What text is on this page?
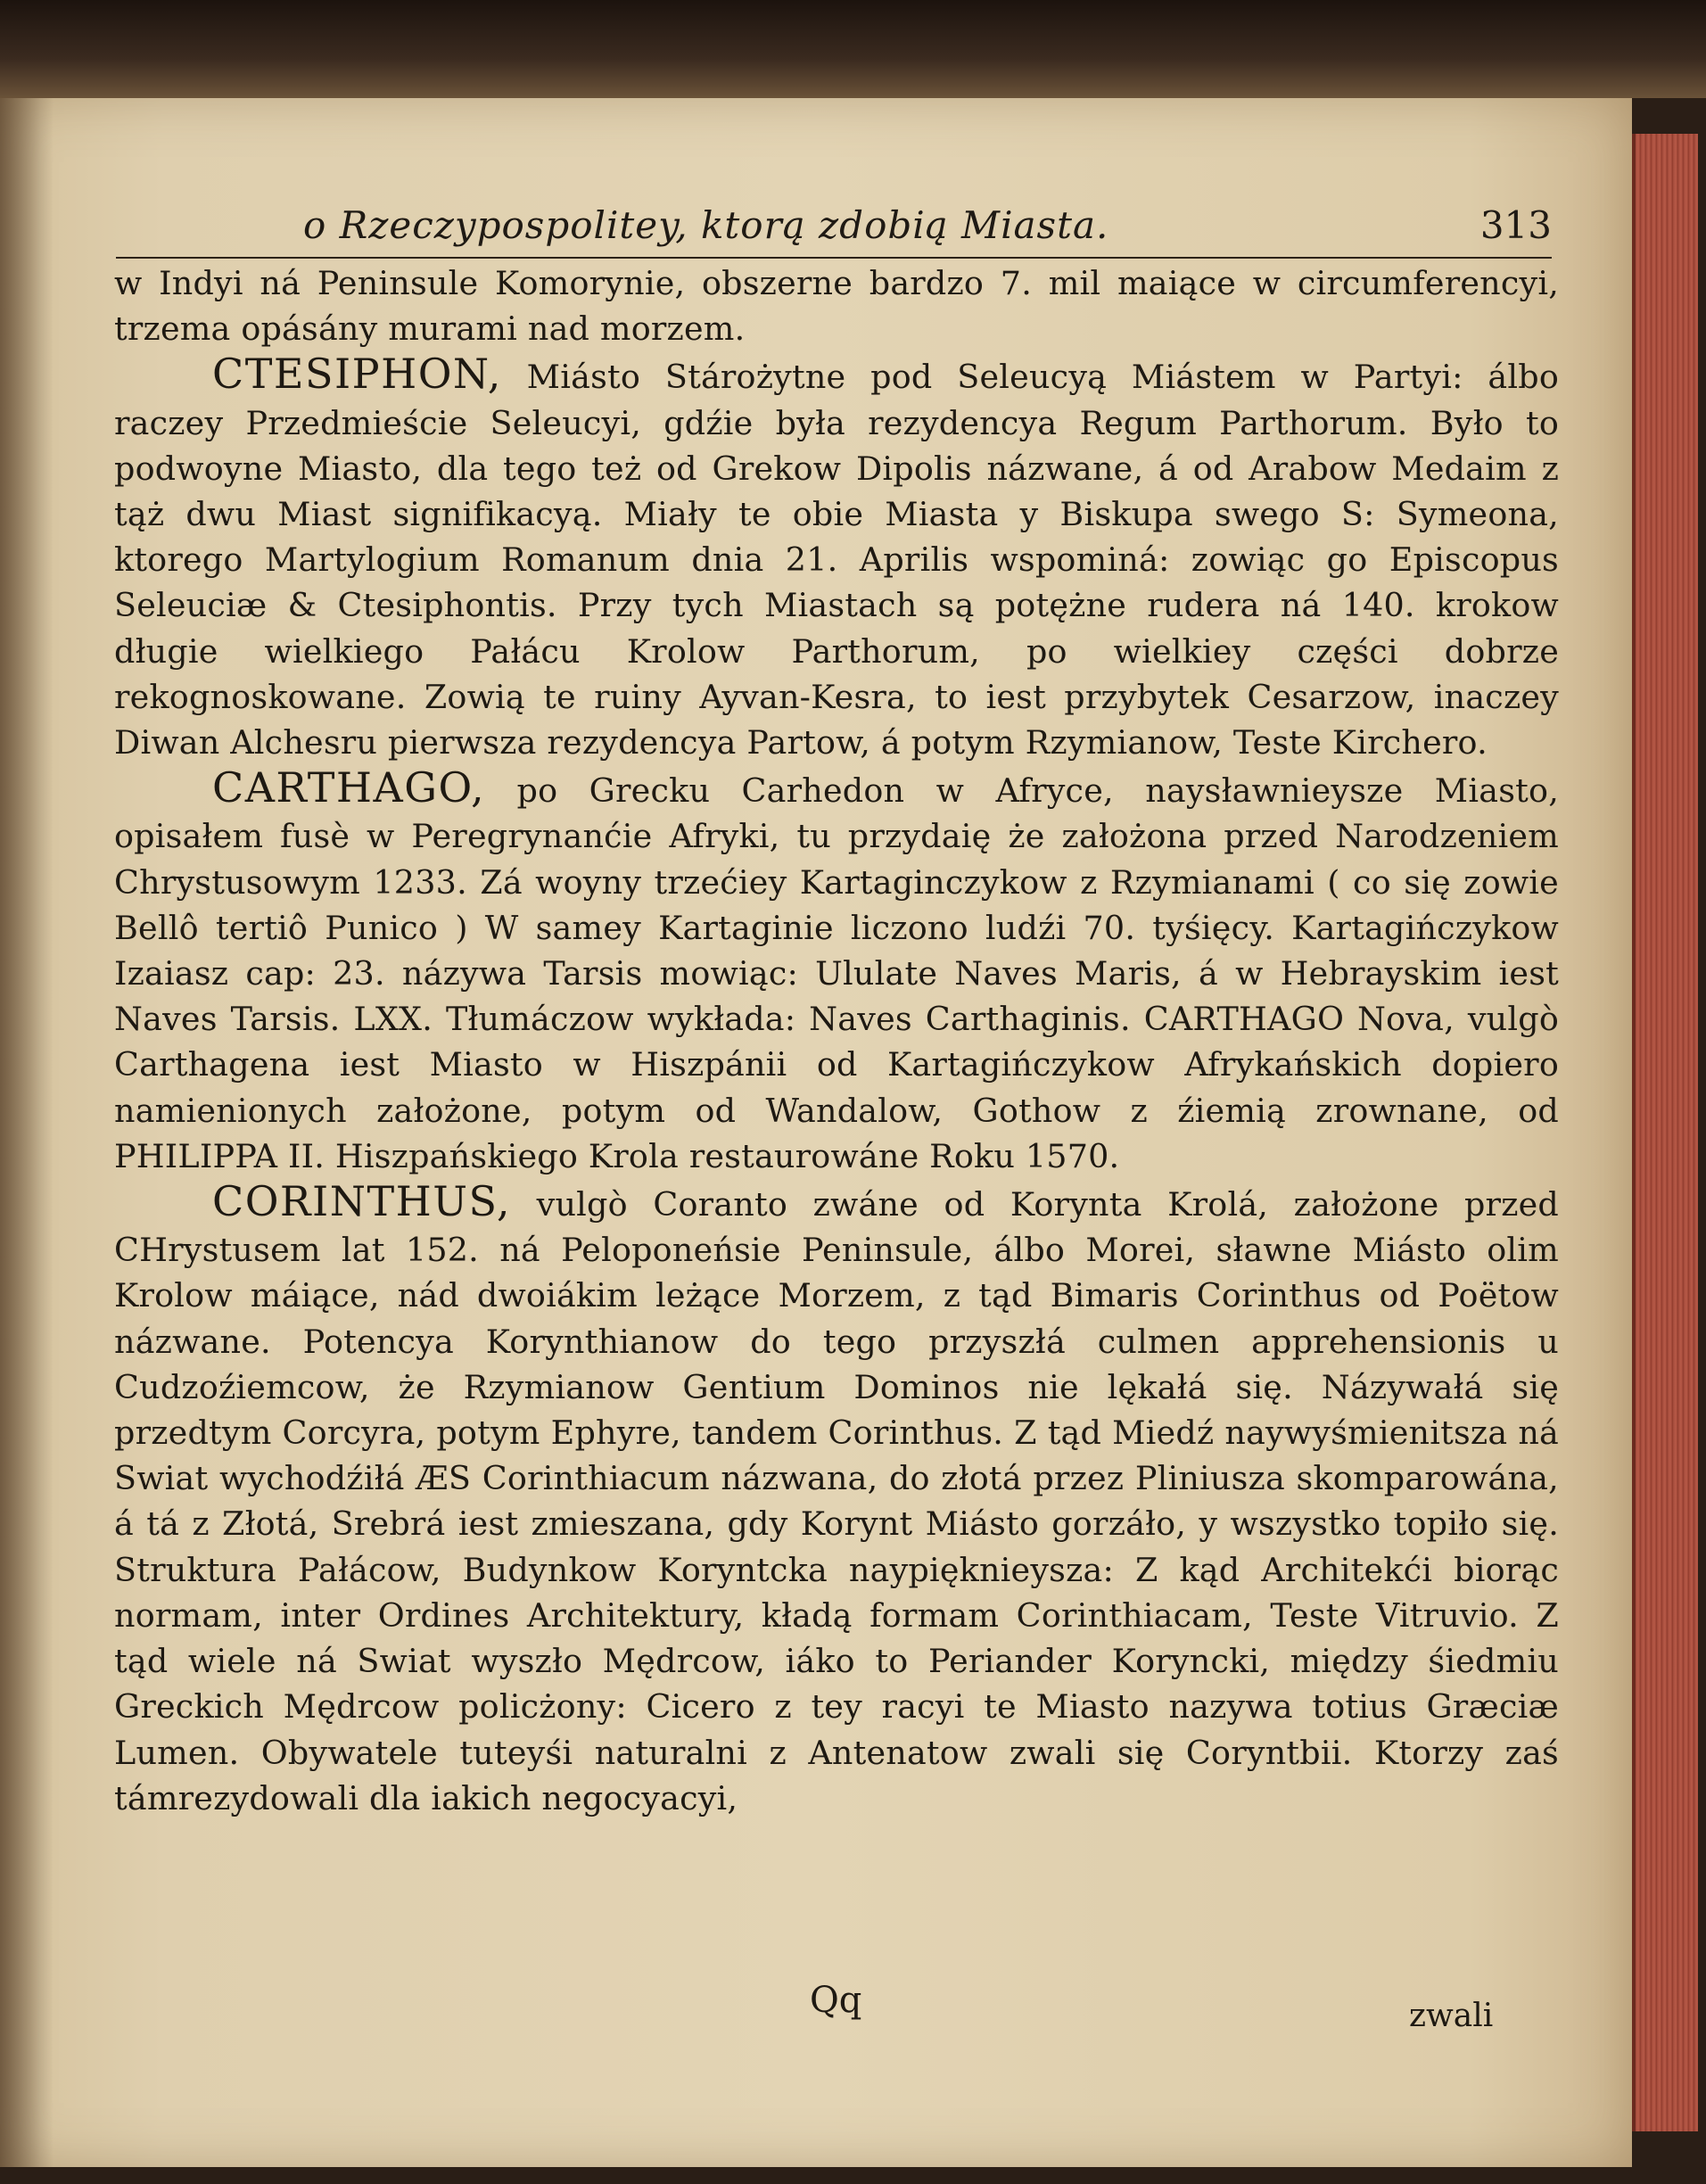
o Rzeczypospolitey, ktorą zdobią Miasta.	313

w Indyi ná Peninsule Komorynie, obszerne bardzo 7. mil maiące w circumferencyi, trzema opásány murami nad morzem.

CTESIPHON, Miásto Stárożytne pod Seleucyą Miástem w Partyi: álbo raczey Przedmieście Seleucyi, gdźie była rezydencya Regum Parthorum. Było to podwoyne Miasto, dla tego też od Grekow Dipolis názwane, á od Arabow Medaim z tąż dwu Miast signifikacyą. Miały te obie Miasta y Biskupa swego S: Symeona, ktorego Martylogium Romanum dnia 21. Aprilis wspominá: zowiąc go Episcopus Seleuciæ & Ctesiphontis. Przy tych Miastach są potężne rudera ná 140. krokow długie wielkiego Pałácu Krolow Parthorum, po wielkiey części dobrze rekognoskowane. Zowią te ruiny Ayvan-Kesra, to iest przybytek Cesarzow, inaczey Diwan Alchesru pierwsza rezydencya Partow, á potym Rzymianow, Teste Kirchero.

CARTHAGO, po Grecku Carhedon w Afryce, naysławnieysze Miasto, opisałem fusè w Peregrynanćie Afryki, tu przydaię że założona przed Narodzeniem Chrystusowym 1233. Zá woyny trzećiey Kartaginczykow z Rzymianami ( co się zowie Bellô tertiô Punico ) W samey Kartaginie liczono ludźi 70. tyśięcy. Kartagińczykow Izaiasz cap: 23. názywa Tarsis mowiąc: Ululate Naves Maris, á w Hebrayskim iest Naves Tarsis. LXX. Tłumáczow wykłada: Naves Carthaginis. CARTHAGO Nova, vulgò Carthagena iest Miasto w Hiszpánii od Kartagińczykow Afrykańskich dopiero namienionych założone, potym od Wandalow, Gothow z źiemią zrownane, od PHILIPPA II. Hiszpańskiego Krola restaurowáne Roku 1570.

CORINTHUS, vulgò Coranto zwáne od Korynta Krolá, założone przed CHrystusem lat 152. ná Peloponeńsie Peninsule, álbo Morei, sławne Miásto olim Krolow máiące, nád dwoiákim leżące Morzem, z tąd Bimaris Corinthus od Poëtow názwane. Potencya Korynthianow do tego przyszłá culmen apprehensionis u Cudzoźiemcow, że Rzymianow Gentium Dominos nie lękałá się. Názywałá się przedtym Corcyra, potym Ephyre, tandem Corinthus. Z tąd Miedź naywyśmienitsza ná Swiat wychodźiłá ÆS Corinthiacum názwana, do złotá przez Pliniusza skomparowána, á tá z Złotá, Srebrá iest zmieszana, gdy Korynt Miásto gorzáło, y wszystko topiło się. Struktura Pałácow, Budynkow Koryntcka naypięknieysza: Z kąd Architekći biorąc normam, inter Ordines Architektury, kładą formam Corinthiacam, Teste Vitruvio. Z tąd wiele ná Swiat wyszło Mędrcow, iáko to Periander Koryncki, między śiedmiu Greckich Mędrcow policżony: Cicero z tey racyi te Miasto nazywa totius Græciæ Lumen. Obywatele tuteyśi naturalni z Antenatow zwali się Coryntbii. Ktorzy zaś támrezydowali dla iakich negocyacyi,

Qq	zwali
